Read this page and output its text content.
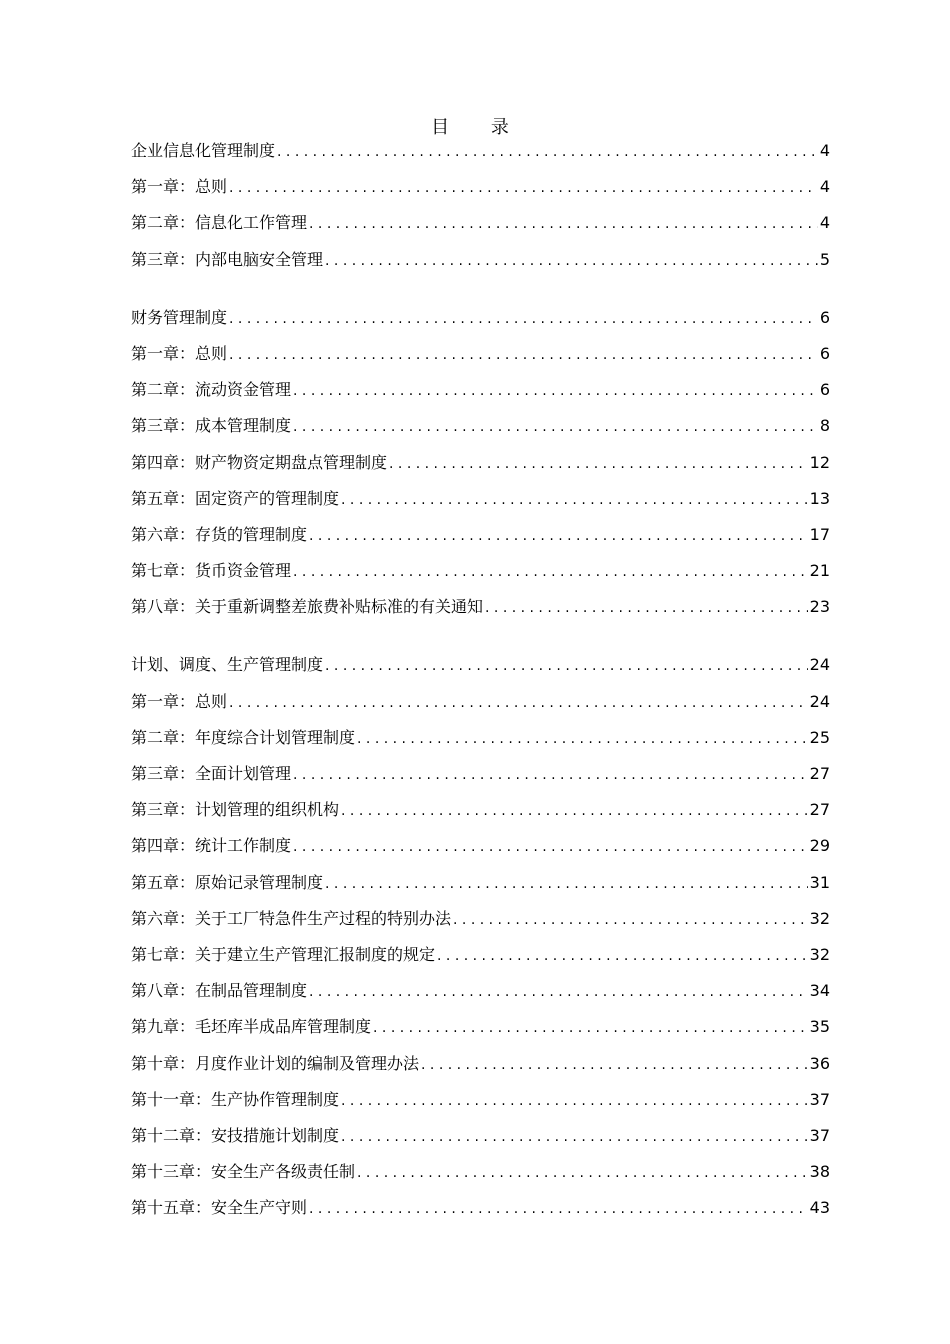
目 录
企业信息化管理制度 . . .	4
第一章：总则 . . .	4
第二章：信息化工作管理 . . .	4
第三章：内部电脑安全管理 . . .	5
财务管理制度 . . .	6
第一章：总则 . . .	6
第二章：流动资金管理 . . .	6
第三章：成本管理制度 . . .	8
第四章：财产物资定期盘点管理制度 . . .	12
第五章：固定资产的管理制度 . . .	13
第六章：存货的管理制度 . . .	17
第七章：货币资金管理 . . .	21
第八章：关于重新调整差旅费补贴标准的有关通知 . . .	23
计划、调度、生产管理制度 . . .	24
第一章：总则 . . .	24
第二章：年度综合计划管理制度 . . .	25
第三章：全面计划管理 . . .	27
第三章：计划管理的组织机构 . . .	27
第四章：统计工作制度 . . .	29
第五章：原始记录管理制度 . . .	31
第六章：关于工厂特急件生产过程的特别办法 . . .	32
第七章：关于建立生产管理汇报制度的规定 . . .	32
第八章：在制品管理制度 . . .	34
第九章：毛坯库半成品库管理制度 . . .	35
第十章：月度作业计划的编制及管理办法 . . .	36
第十一章：生产协作管理制度 . . .	37
第十二章：安技措施计划制度 . . .	37
第十三章：安全生产各级责任制 . . .	38
第十五章：安全生产守则 . . .	43
